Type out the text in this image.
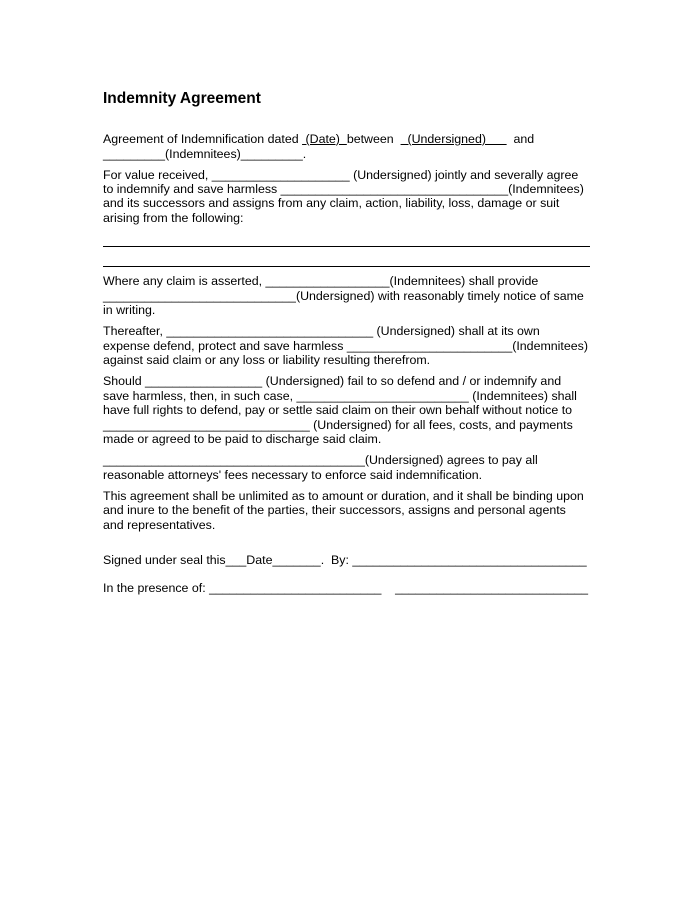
Indemnity Agreement
Agreement of Indemnification dated  (Date)  between    (Undersigned)        and
_________(Indemnitees)_________.
For value received, ____________________ (Undersigned) jointly and severally agree
to indemnify and save harmless _________________________________(Indemnitees)
and its successors and assigns from any claim, action, liability, loss, damage or suit
arising from the following:
Where any claim is asserted, __________________(Indemnitees) shall provide
____________________________(Undersigned) with reasonably timely notice of same
in writing.
Thereafter, ______________________________ (Undersigned) shall at its own
expense defend, protect and save harmless ________________________(Indemnitees)
against said claim or any loss or liability resulting therefrom.
Should _________________ (Undersigned) fail to so defend and / or indemnify and
save harmless, then, in such case, _________________________ (Indemnitees) shall
have full rights to defend, pay or settle said claim on their own behalf without notice to
______________________________ (Undersigned) for all fees, costs, and payments
made or agreed to be paid to discharge said claim.
______________________________________(Undersigned) agrees to pay all
reasonable attorneys' fees necessary to enforce said indemnification.
This agreement shall be unlimited as to amount or duration, and it shall be binding upon
and inure to the benefit of the parties, their successors, assigns and personal agents
and representatives.
Signed under seal this___Date_______.  By: __________________________________
In the presence of: _________________________    ____________________________
